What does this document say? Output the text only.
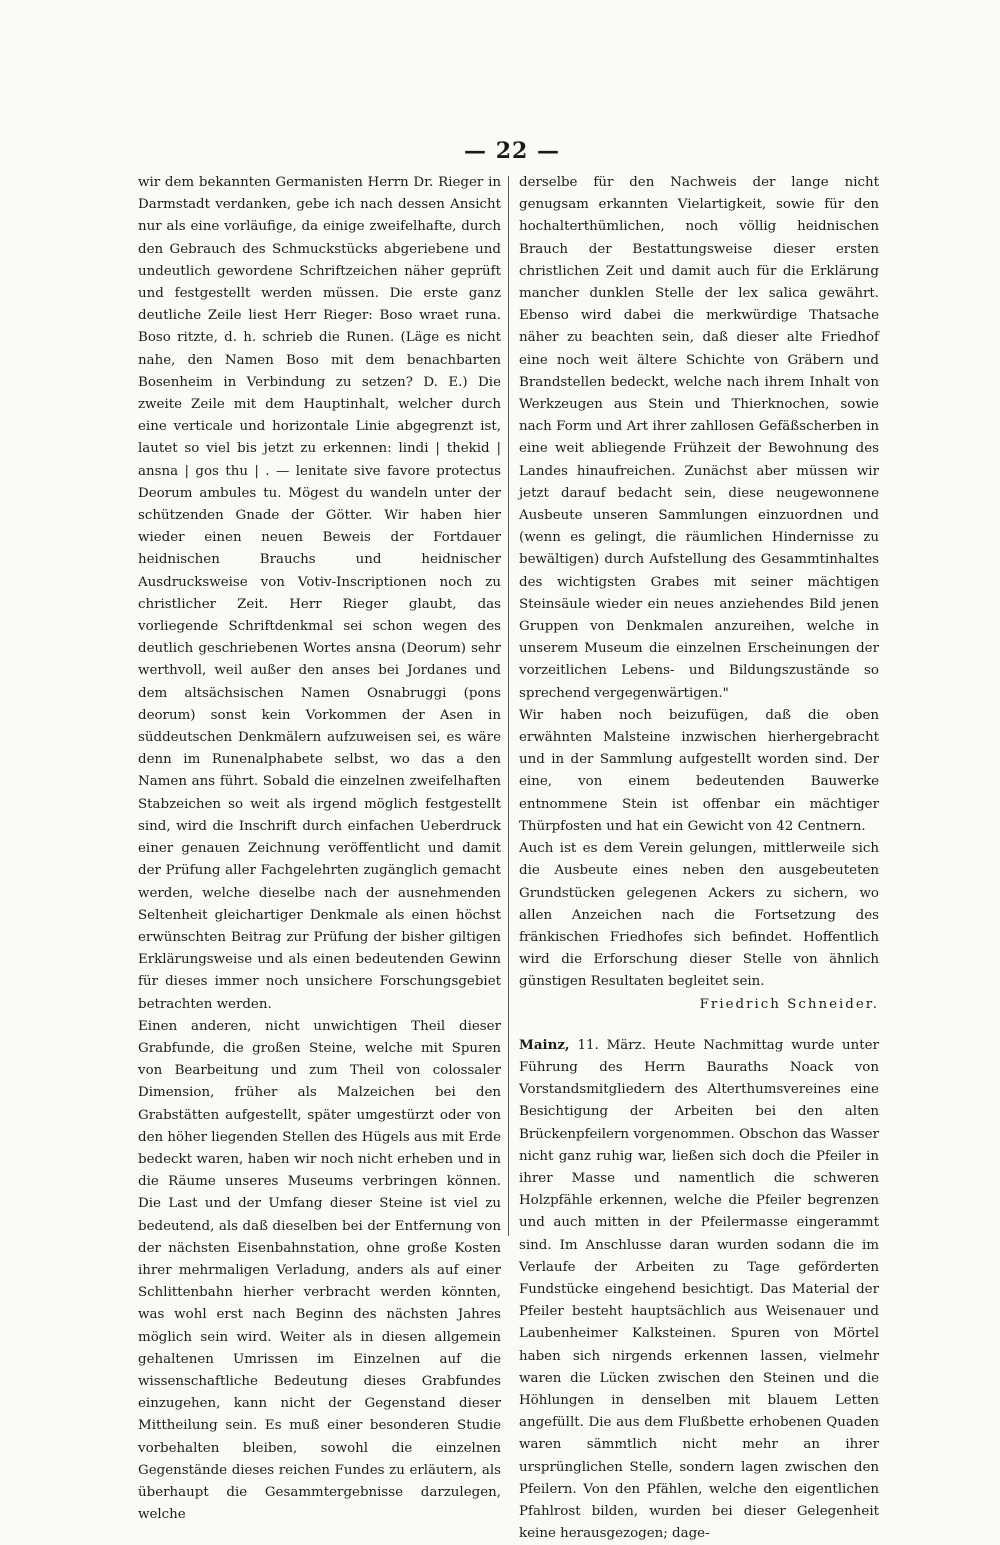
— 22 —

wir dem bekannten Germanisten Herrn Dr. Rieger in Darmstadt verdanken, gebe ich nach dessen Ansicht nur als eine vorläufige, da einige zweifelhafte, durch den Gebrauch des Schmuckstücks abgeriebene und undeutlich gewordene Schriftzeichen näher geprüft und festgestellt werden müssen. Die erste ganz deutliche Zeile liest Herr Rieger: Boso wraet runa. Boso ritzte, d. h. schrieb die Runen. (Läge es nicht nahe, den Namen Boso mit dem benachbarten Bosenheim in Verbindung zu setzen? D. E.) Die zweite Zeile mit dem Hauptinhalt, welcher durch eine verticale und horizontale Linie abgegrenzt ist, lautet so viel bis jetzt zu erkennen: lindi | thekid | ansna | gos thu | . — lenitate sive favore protectus Deorum ambules tu. Mögest du wandeln unter der schützenden Gnade der Götter. Wir haben hier wieder einen neuen Beweis der Fortdauer heidnischen Brauchs und heidnischer Ausdrucksweise von Votiv-Inscriptionen noch zu christlicher Zeit. Herr Rieger glaubt, das vorliegende Schriftdenkmal sei schon wegen des deutlich geschriebenen Wortes ansna (Deorum) sehr werthvoll, weil außer den anses bei Jordanes und dem altsächsischen Namen Osnabruggi (pons deorum) sonst kein Vorkommen der Asen in süddeutschen Denkmälern aufzuweisen sei, es wäre denn im Runenalphabete selbst, wo das a den Namen ans führt. Sobald die einzelnen zweifelhaften Stabzeichen so weit als irgend möglich festgestellt sind, wird die Inschrift durch einfachen Ueberdruck einer genauen Zeichnung veröffentlicht und damit der Prüfung aller Fachgelehrten zugänglich gemacht werden, welche dieselbe nach der ausnehmenden Seltenheit gleichartiger Denkmale als einen höchst erwünschten Beitrag zur Prüfung der bisher giltigen Erklärungsweise und als einen bedeutenden Gewinn für dieses immer noch unsichere Forschungsgebiet betrachten werden.

Einen anderen, nicht unwichtigen Theil dieser Grabfunde, die großen Steine, welche mit Spuren von Bearbeitung und zum Theil von colossaler Dimension, früher als Malzeichen bei den Grabstätten aufgestellt, später umgestürzt oder von den höher liegenden Stellen des Hügels aus mit Erde bedeckt waren, haben wir noch nicht erheben und in die Räume unseres Museums verbringen können. Die Last und der Umfang dieser Steine ist viel zu bedeutend, als daß dieselben bei der Entfernung von der nächsten Eisenbahnstation, ohne große Kosten ihrer mehrmaligen Verladung, anders als auf einer Schlittenbahn hierher verbracht werden könnten, was wohl erst nach Beginn des nächsten Jahres möglich sein wird. Weiter als in diesen allgemein gehaltenen Umrissen im Einzelnen auf die wissenschaftliche Bedeutung dieses Grabfundes einzugehen, kann nicht der Gegenstand dieser Mittheilung sein. Es muß einer besonderen Studie vorbehalten bleiben, sowohl die einzelnen Gegenstände dieses reichen Fundes zu erläutern, als überhaupt die Gesammtergebnisse darzulegen, welche

derselbe für den Nachweis der lange nicht genugsam erkannten Vielartigkeit, sowie für den hochalterthümlichen, noch völlig heidnischen Brauch der Bestattungsweise dieser ersten christlichen Zeit und damit auch für die Erklärung mancher dunklen Stelle der lex salica gewährt. Ebenso wird dabei die merkwürdige Thatsache näher zu beachten sein, daß dieser alte Friedhof eine noch weit ältere Schichte von Gräbern und Brandstellen bedeckt, welche nach ihrem Inhalt von Werkzeugen aus Stein und Thierknochen, sowie nach Form und Art ihrer zahllosen Gefäßscherben in eine weit abliegende Frühzeit der Bewohnung des Landes hinaufreichen. Zunächst aber müssen wir jetzt darauf bedacht sein, diese neugewonnene Ausbeute unseren Sammlungen einzuordnen und (wenn es gelingt, die räumlichen Hindernisse zu bewältigen) durch Aufstellung des Gesammtinhaltes des wichtigsten Grabes mit seiner mächtigen Steinsäule wieder ein neues anziehendes Bild jenen Gruppen von Denkmalen anzureihen, welche in unserem Museum die einzelnen Erscheinungen der vorzeitlichen Lebens- und Bildungszustände so sprechend vergegenwärtigen."

Wir haben noch beizufügen, daß die oben erwähnten Malsteine inzwischen hierhergebracht und in der Sammlung aufgestellt worden sind. Der eine, von einem bedeutenden Bauwerke entnommene Stein ist offenbar ein mächtiger Thürpfosten und hat ein Gewicht von 42 Centnern.

Auch ist es dem Verein gelungen, mittlerweile sich die Ausbeute eines neben den ausgebeuteten Grundstücken gelegenen Ackers zu sichern, wo allen Anzeichen nach die Fortsetzung des fränkischen Friedhofes sich befindet. Hoffentlich wird die Erforschung dieser Stelle von ähnlich günstigen Resultaten begleitet sein.

Friedrich Schneider.

Mainz, 11. März. Heute Nachmittag wurde unter Führung des Herrn Bauraths Noack von Vorstandsmitgliedern des Alterthumsvereines eine Besichtigung der Arbeiten bei den alten Brückenpfeilern vorgenommen. Obschon das Wasser nicht ganz ruhig war, ließen sich doch die Pfeiler in ihrer Masse und namentlich die schweren Holzpfähle erkennen, welche die Pfeiler begrenzen und auch mitten in der Pfeilermasse eingerammt sind. Im Anschlusse daran wurden sodann die im Verlaufe der Arbeiten zu Tage geförderten Fundstücke eingehend besichtigt. Das Material der Pfeiler besteht hauptsächlich aus Weisenauer und Laubenheimer Kalksteinen. Spuren von Mörtel haben sich nirgends erkennen lassen, vielmehr waren die Lücken zwischen den Steinen und die Höhlungen in denselben mit blauem Letten angefüllt. Die aus dem Flußbette erhobenen Quaden waren sämmtlich nicht mehr an ihrer ursprünglichen Stelle, sondern lagen zwischen den Pfeilern. Von den Pfählen, welche den eigentlichen Pfahlrost bilden, wurden bei dieser Gelegenheit keine herausgezogen; dage-
